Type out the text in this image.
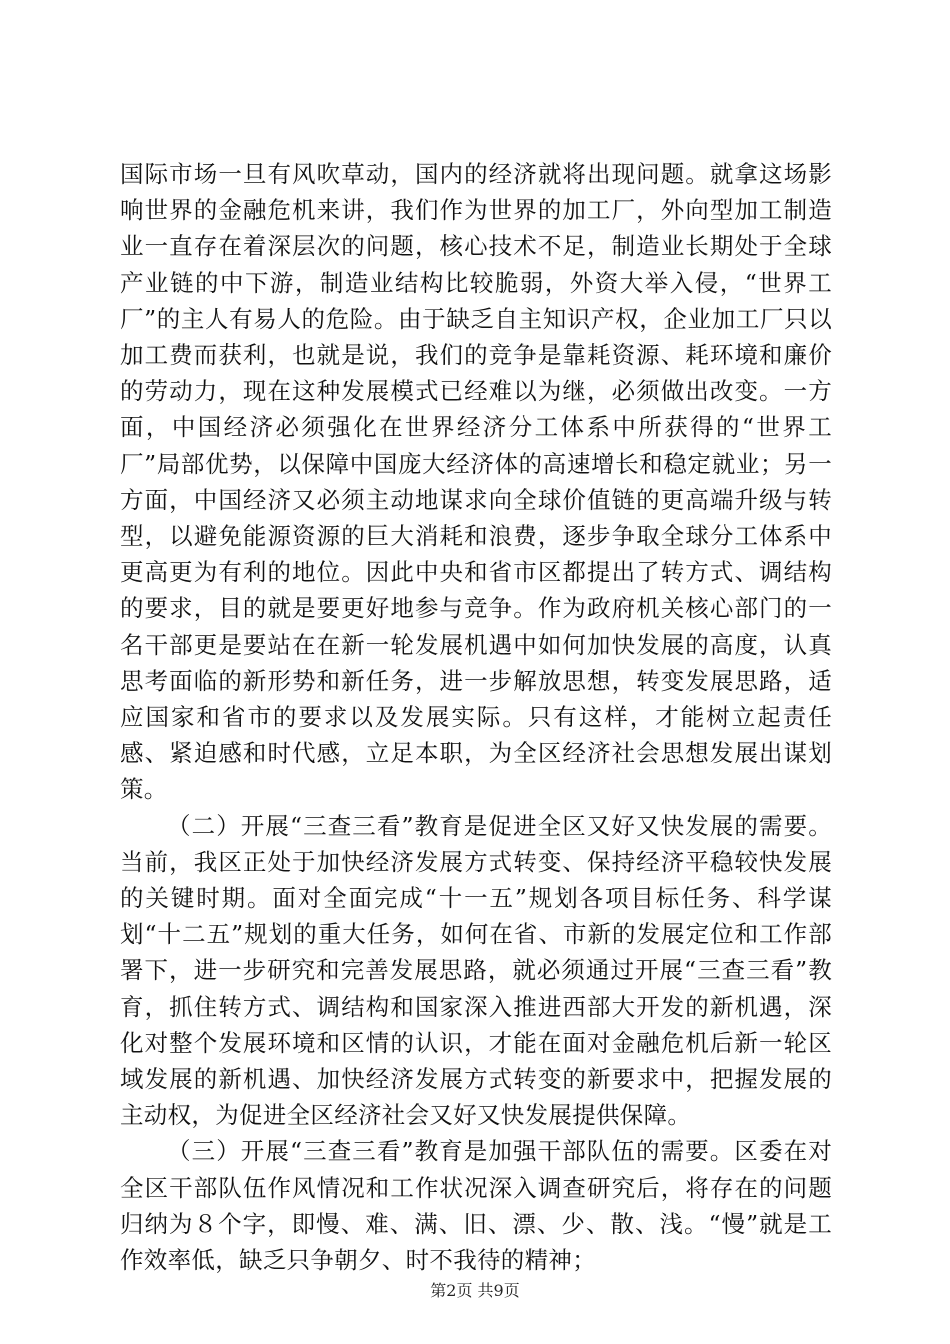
国际市场一旦有风吹草动，国内的经济就将出现问题。就拿这场影响世界的金融危机来讲，我们作为世界的加工厂，外向型加工制造业一直存在着深层次的问题，核心技术不足，制造业长期处于全球产业链的中下游，制造业结构比较脆弱，外资大举入侵，“世界工厂”的主人有易人的危险。由于缺乏自主知识产权，企业加工厂只以加工费而获利，也就是说，我们的竞争是靠耗资源、耗环境和廉价的劳动力，现在这种发展模式已经难以为继，必须做出改变。一方面，中国经济必须强化在世界经济分工体系中所获得的“世界工厂”局部优势，以保障中国庞大经济体的高速增长和稳定就业；另一方面，中国经济又必须主动地谋求向全球价值链的更高端升级与转型，以避免能源资源的巨大消耗和浪费，逐步争取全球分工体系中更高更为有利的地位。因此中央和省市区都提出了转方式、调结构的要求，目的就是要更好地参与竞争。作为政府机关核心部门的一名干部更是要站在在新一轮发展机遇中如何加快发展的高度，认真思考面临的新形势和新任务，进一步解放思想，转变发展思路，适应国家和省市的要求以及发展实际。只有这样，才能树立起责任感、紧迫感和时代感，立足本职，为全区经济社会思想发展出谋划策。

（二）开展“三查三看”教育是促进全区又好又快发展的需要。当前，我区正处于加快经济发展方式转变、保持经济平稳较快发展的关键时期。面对全面完成“十一五”规划各项目标任务、科学谋划“十二五”规划的重大任务，如何在省、市新的发展定位和工作部署下，进一步研究和完善发展思路，就必须通过开展“三查三看”教育，抓住转方式、调结构和国家深入推进西部大开发的新机遇，深化对整个发展环境和区情的认识，才能在面对金融危机后新一轮区域发展的新机遇、加快经济发展方式转变的新要求中，把握发展的主动权，为促进全区经济社会又好又快发展提供保障。

（三）开展“三查三看”教育是加强干部队伍的需要。区委在对全区干部队伍作风情况和工作状况深入调查研究后，将存在的问题归纳为８个字，即慢、难、满、旧、漂、少、散、浅。“慢”就是工作效率低，缺乏只争朝夕、时不我待的精神；

第2页 共9页
